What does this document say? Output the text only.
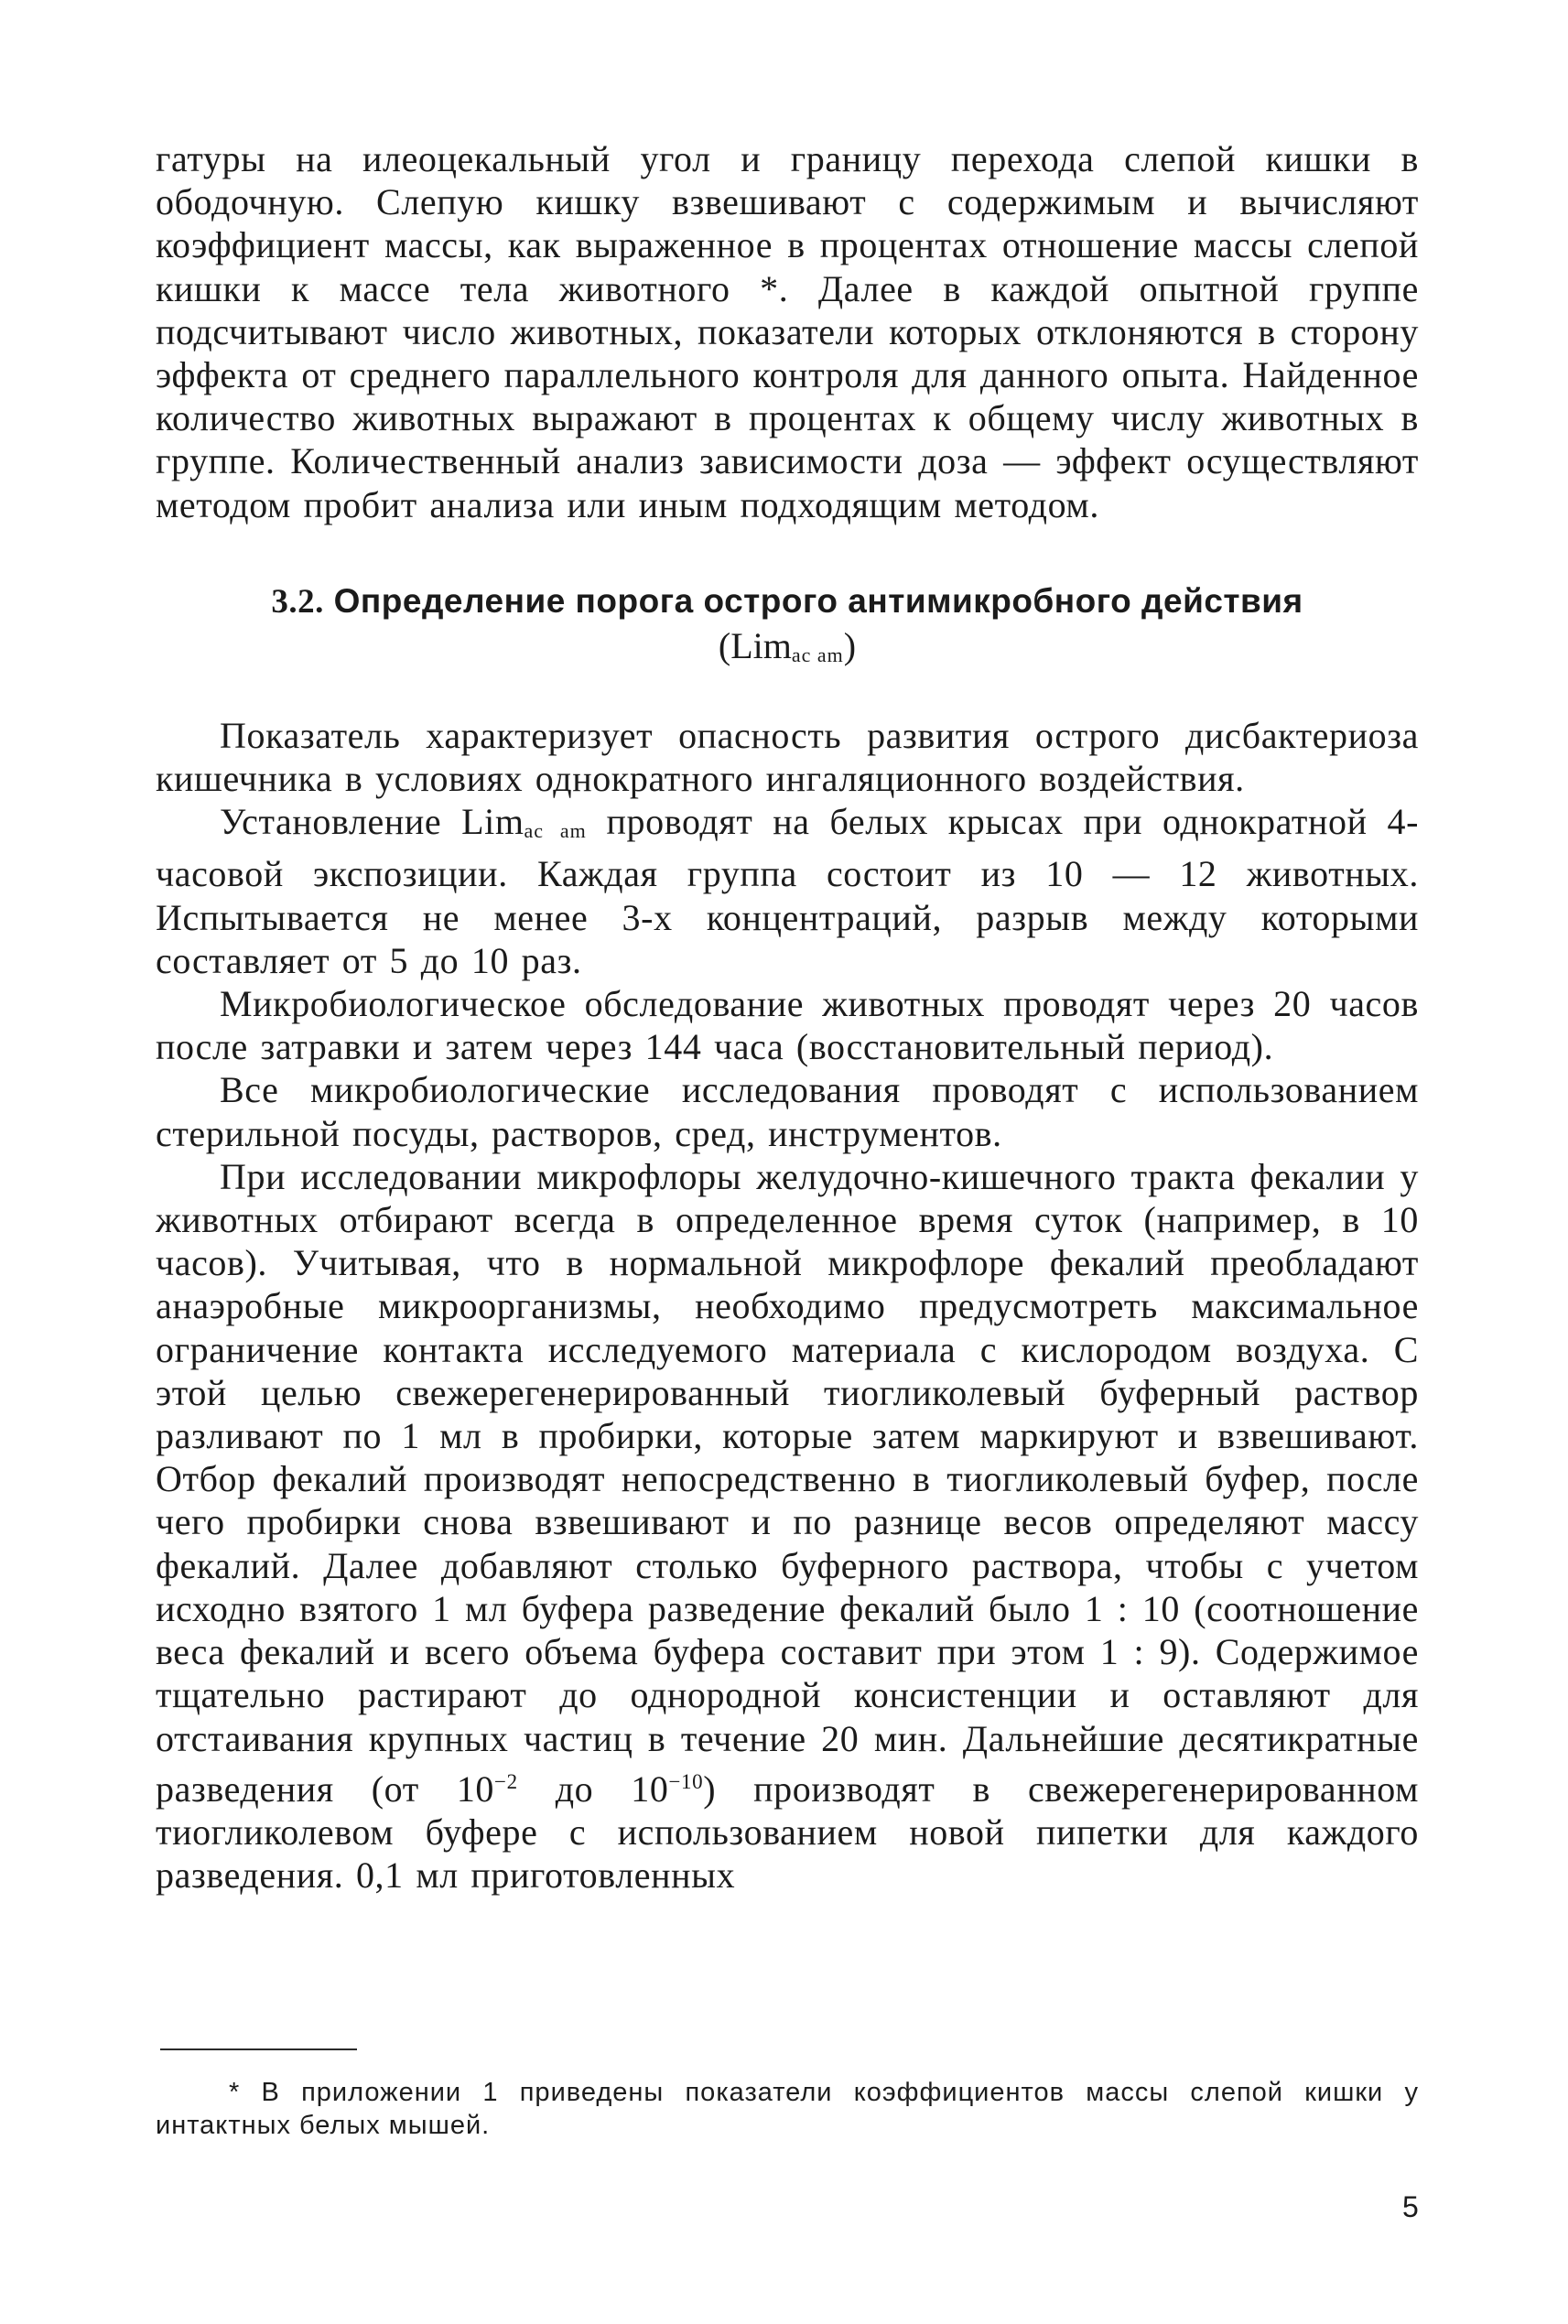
гатуры на илеоцекальный угол и границу перехода слепой кишки в ободочную. Слепую кишку взвешивают с содержимым и вычисляют коэффициент массы, как выраженное в процентах отношение массы слепой кишки к массе тела животного *. Далее в каждой опытной группе подсчитывают число животных, показатели которых отклоняются в сторону эффекта от среднего параллельного контроля для данного опыта. Найденное количество животных выражают в процентах к общему числу животных в группе. Количественный анализ зависимости доза — эффект осуществляют методом пробит анализа или иным подходящим методом.

3.2. Определение порога острого антимикробного действия
(Limac am)

Показатель характеризует опасность развития острого дисбактериоза кишечника в условиях однократного ингаляционного воздействия.

Установление Limac am проводят на белых крысах при однократной 4-часовой экспозиции. Каждая группа состоит из 10 — 12 животных. Испытывается не менее 3-х концентраций, разрыв между которыми составляет от 5 до 10 раз.

Микробиологическое обследование животных проводят через 20 часов после затравки и затем через 144 часа (восстановительный период).

Все микробиологические исследования проводят с использованием стерильной посуды, растворов, сред, инструментов.

При исследовании микрофлоры желудочно-кишечного тракта фекалии у животных отбирают всегда в определенное время суток (например, в 10 часов). Учитывая, что в нормальной микрофлоре фекалий преобладают анаэробные микроорганизмы, необходимо предусмотреть максимальное ограничение контакта исследуемого материала с кислородом воздуха. С этой целью свежерегенерированный тиогликолевый буферный раствор разливают по 1 мл в пробирки, которые затем маркируют и взвешивают. Отбор фекалий производят непосредственно в тиогликолевый буфер, после чего пробирки снова взвешивают и по разнице весов определяют массу фекалий. Далее добавляют столько буферного раствора, чтобы с учетом исходно взятого 1 мл буфера разведение фекалий было 1 : 10 (соотношение веса фекалий и всего объема буфера составит при этом 1 : 9). Содержимое тщательно растирают до однородной консистенции и оставляют для отстаивания крупных частиц в течение 20 мин. Дальнейшие десятикратные разведения (от $10^{-2}$ до $10^{-10}$) производят в свежерегенерированном тиогликолевом буфере с использованием новой пипетки для каждого разведения. 0,1 мл приготовленных

* В приложении 1 приведены показатели коэффициентов массы слепой кишки у интактных белых мышей.

5
